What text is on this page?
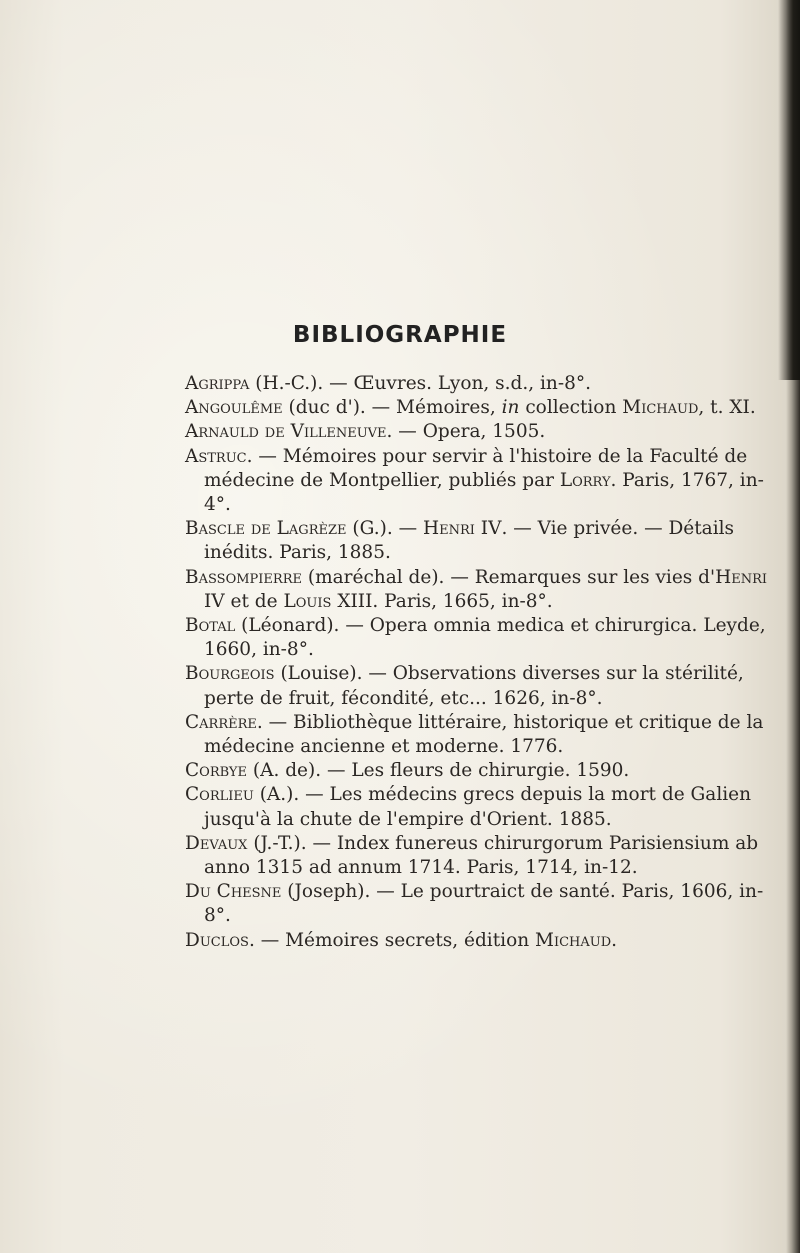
BIBLIOGRAPHIE

Agrippa (H.-C.). — Œuvres. Lyon, s.d., in-8°.

Angoulême (duc d'). — Mémoires, in collection Michaud, t. XI.

Arnauld de Villeneuve. — Opera, 1505.

Astruc. — Mémoires pour servir à l'histoire de la Faculté de médecine de Montpellier, publiés par Lorry. Paris, 1767, in-4°.

Bascle de Lagrèze (G.). — Henri IV. — Vie privée. — Détails inédits. Paris, 1885.

Bassompierre (maréchal de). — Remarques sur les vies d'Henri IV et de Louis XIII. Paris, 1665, in-8°.

Botal (Léonard). — Opera omnia medica et chirurgica. Leyde, 1660, in-8°.

Bourgeois (Louise). — Observations diverses sur la stérilité, perte de fruit, fécondité, etc... 1626, in-8°.

Carrère. — Bibliothèque littéraire, historique et critique de la médecine ancienne et moderne. 1776.

Corbye (A. de). — Les fleurs de chirurgie. 1590.

Corlieu (A.). — Les médecins grecs depuis la mort de Galien jusqu'à la chute de l'empire d'Orient. 1885.

Devaux (J.-T.). — Index funereus chirurgorum Parisiensium ab anno 1315 ad annum 1714. Paris, 1714, in-12.

Du Chesne (Joseph). — Le pourtraict de santé. Paris, 1606, in-8°.

Duclos. — Mémoires secrets, édition Michaud.
